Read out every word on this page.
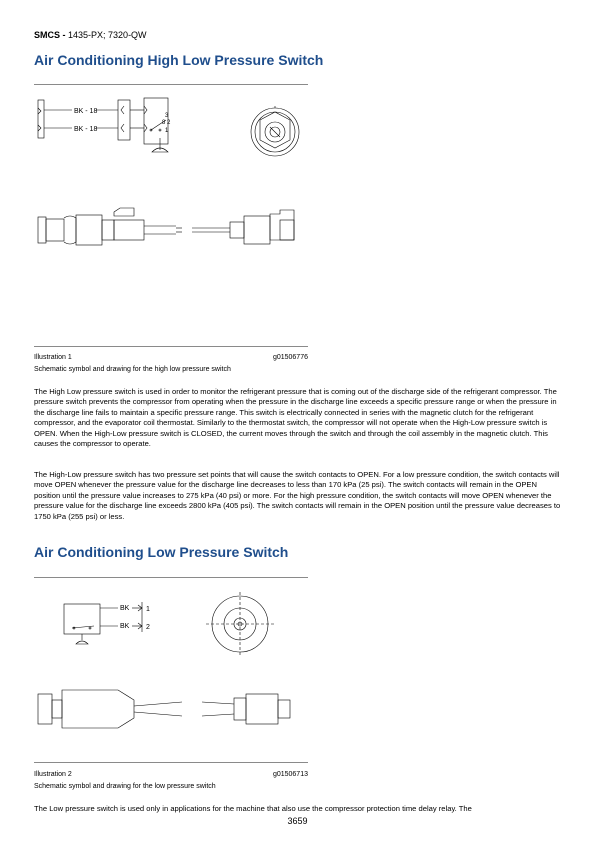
SMCS - 1435-PX; 7320-QW
Air Conditioning High Low Pressure Switch
BK - 18
BK - 18
3
8 2
1
Illustration 1	g01506776
Schematic symbol and drawing for the high low pressure switch

The High Low pressure switch is used in order to monitor the refrigerant pressure that is coming out of the discharge side of the refrigerant compressor. The pressure switch prevents the compressor from operating when the pressure in the discharge line exceeds a specific pressure range or when the pressure in the discharge line fails to maintain a specific pressure range. This switch is electrically connected in series with the magnetic clutch for the refrigerant compressor, and the evaporator coil thermostat. Similarly to the thermostat switch, the compressor will not operate when the High-Low pressure switch is OPEN. When the High-Low pressure switch is CLOSED, the current moves through the switch and through the coil assembly in the magnetic clutch. This causes the compressor to operate.

The High-Low pressure switch has two pressure set points that will cause the switch contacts to OPEN. For a low pressure condition, the switch contacts will move OPEN whenever the pressure value for the discharge line decreases to less than 170 kPa (25 psi). The switch contacts will remain in the OPEN position until the pressure value increases to 275 kPa (40 psi) or more. For the high pressure condition, the switch contacts will move OPEN whenever the pressure value for the discharge line exceeds 2800 kPa (405 psi). The switch contacts will remain in the OPEN position until the pressure value decreases to 1750 kPa (255 psi) or less.

Air Conditioning Low Pressure Switch
BK
BK
1
2
Illustration 2	g01506713
Schematic symbol and drawing for the low pressure switch

The Low pressure switch is used only in applications for the machine that also use the compressor protection time delay relay. The

3659
